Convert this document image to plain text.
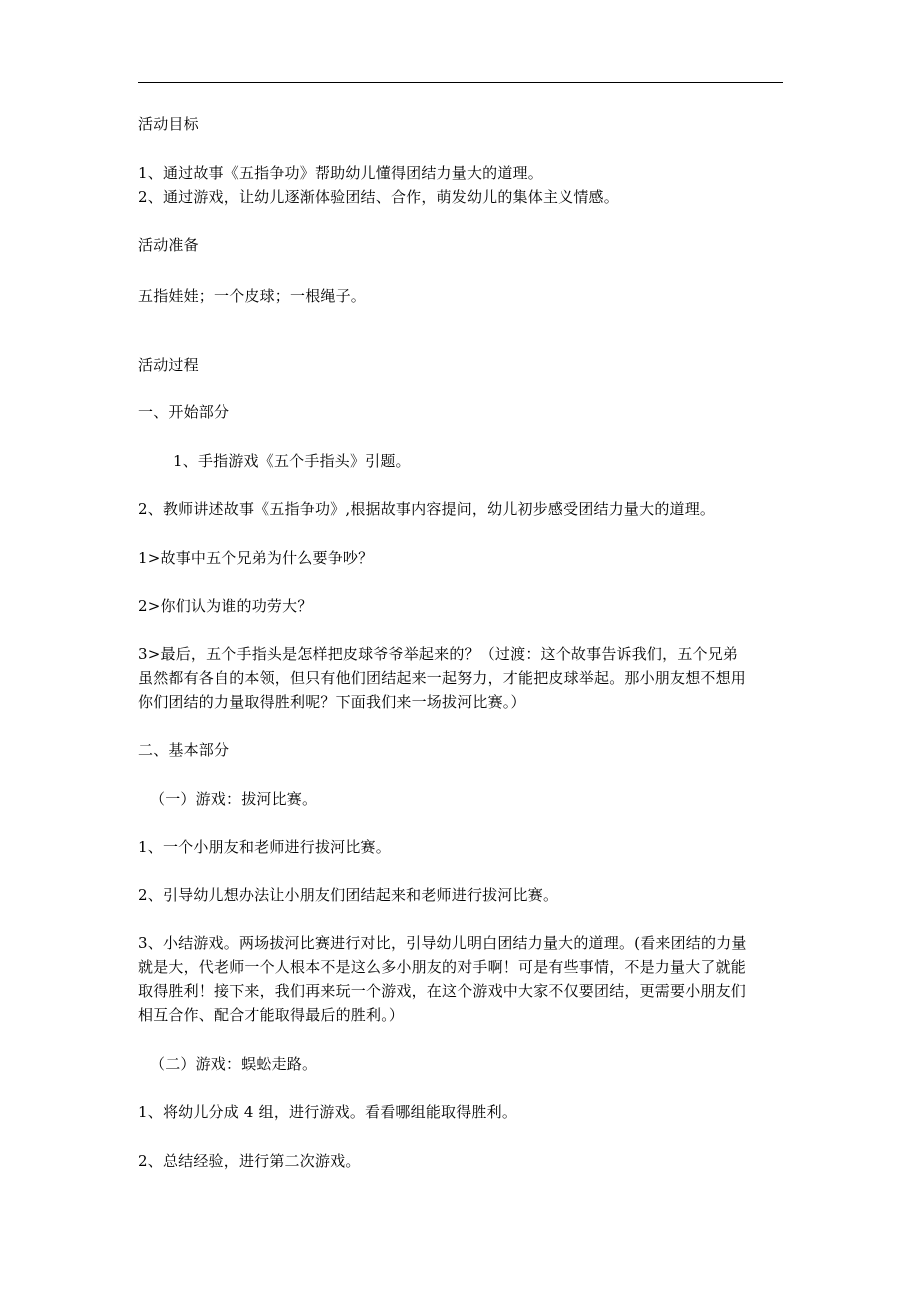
活动目标
1、通过故事《五指争功》帮助幼儿懂得团结力量大的道理。
2、通过游戏，让幼儿逐渐体验团结、合作，萌发幼儿的集体主义情感。
活动准备
五指娃娃；一个皮球；一根绳子。
活动过程
一、开始部分
1、手指游戏《五个手指头》引题。
2、教师讲述故事《五指争功》,根据故事内容提问，幼儿初步感受团结力量大的道理。
1>故事中五个兄弟为什么要争吵？
2>你们认为谁的功劳大？
3>最后，五个手指头是怎样把皮球爷爷举起来的？（过渡：这个故事告诉我们，五个兄弟
虽然都有各自的本领，但只有他们团结起来一起努力，才能把皮球举起。那小朋友想不想用
你们团结的力量取得胜利呢？下面我们来一场拔河比赛。）
二、基本部分
（一）游戏：拔河比赛。
1、一个小朋友和老师进行拔河比赛。
2、引导幼儿想办法让小朋友们团结起来和老师进行拔河比赛。
3、小结游戏。两场拔河比赛进行对比，引导幼儿明白团结力量大的道理。(看来团结的力量
就是大，代老师一个人根本不是这么多小朋友的对手啊！可是有些事情，不是力量大了就能
取得胜利！接下来，我们再来玩一个游戏，在这个游戏中大家不仅要团结，更需要小朋友们
相互合作、配合才能取得最后的胜利。）
（二）游戏：蜈蚣走路。
1、将幼儿分成 4 组，进行游戏。看看哪组能取得胜利。
2、总结经验，进行第二次游戏。
